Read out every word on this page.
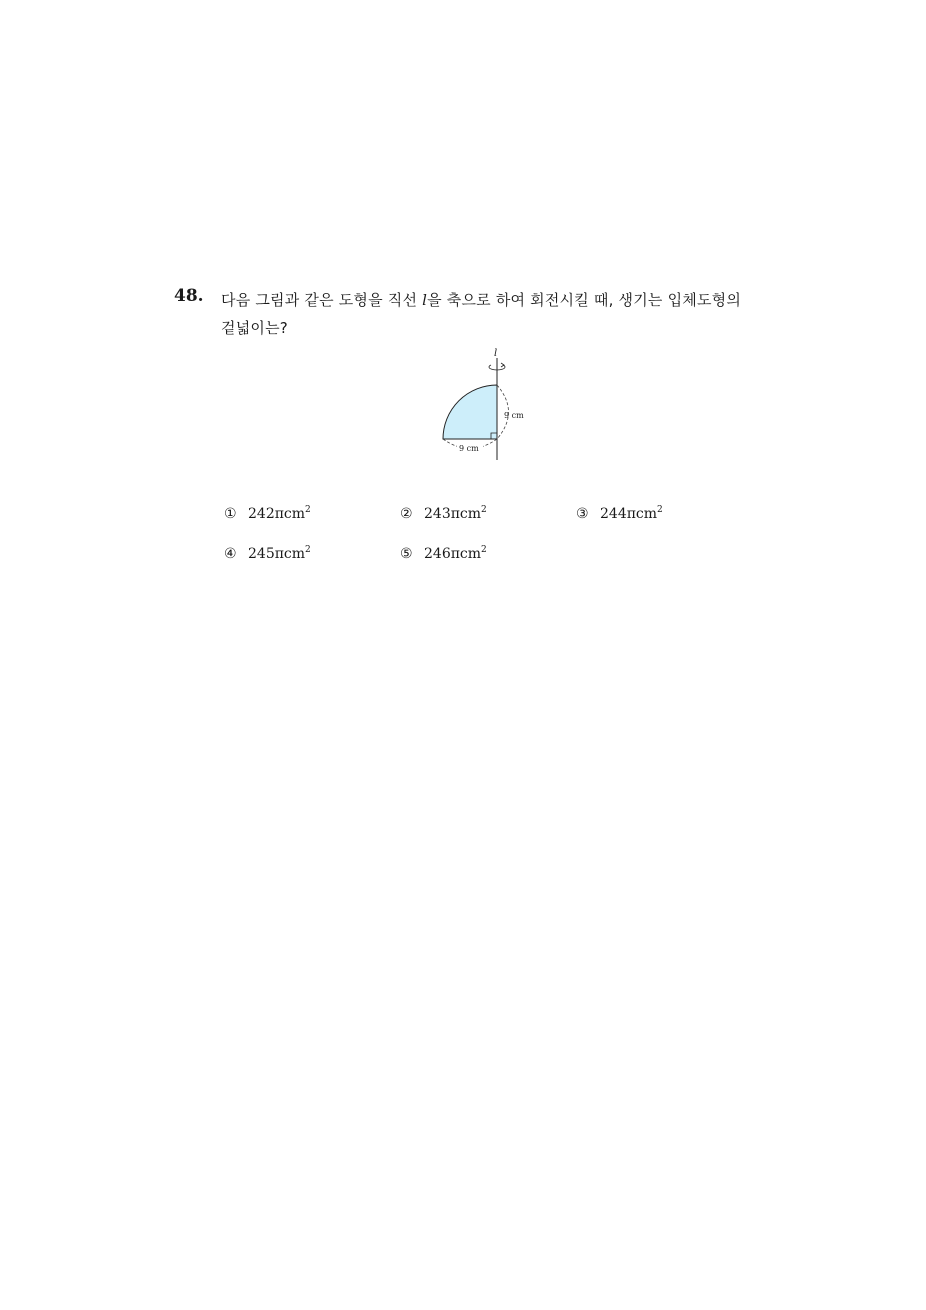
48. 다음 그림과 같은 도형을 직선 l을 축으로 하여 회전시킬 때, 생기는 입체도형의
겉넓이는?
l
9 cm
9 cm
① 242πcm$^2$	② 243πcm$^2$	③ 244πcm$^2$
④ 245πcm$^2$	⑤ 246πcm$^2$
